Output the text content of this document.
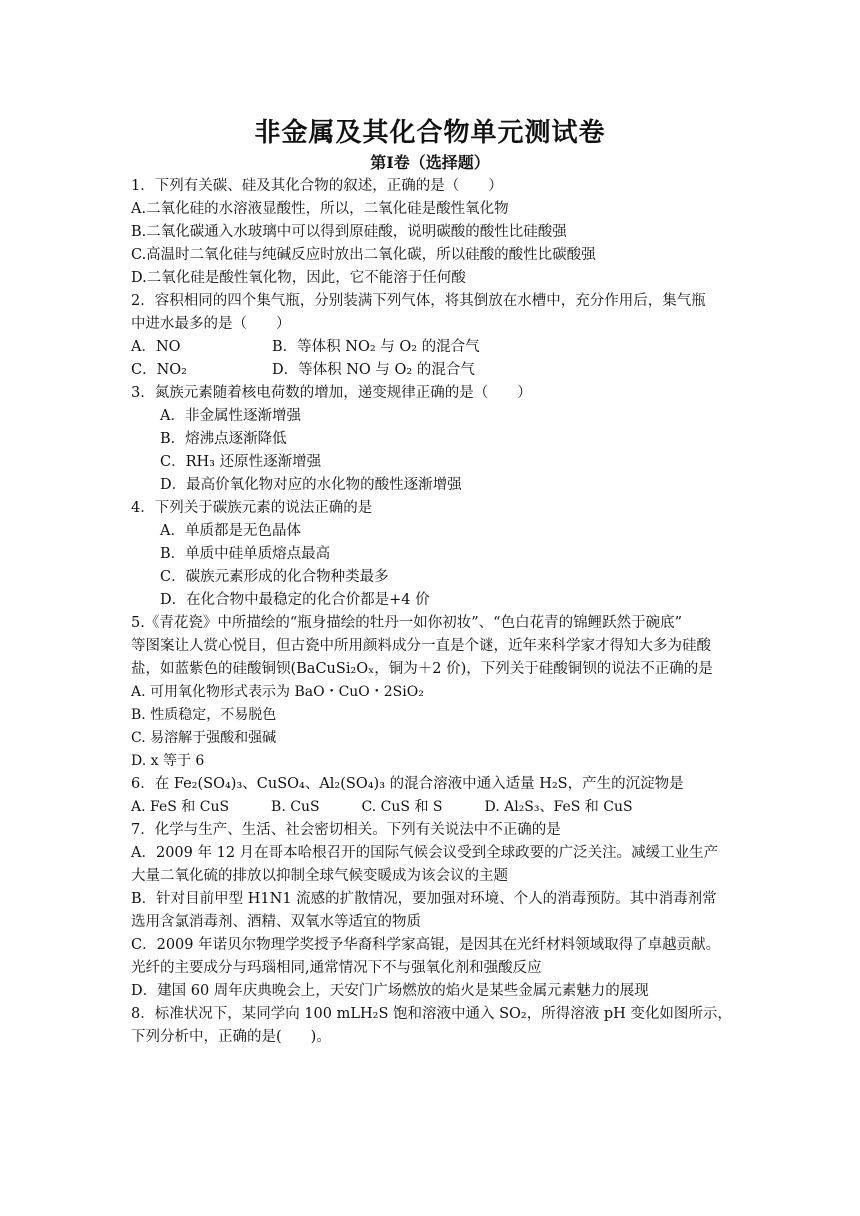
非金属及其化合物单元测试卷
第Ⅰ卷（选择题）
1．下列有关碳、硅及其化合物的叙述，正确的是（　　）
A.二氧化硅的水溶液显酸性，所以，二氧化硅是酸性氧化物
B.二氧化碳通入水玻璃中可以得到原硅酸，说明碳酸的酸性比硅酸强
C.高温时二氧化硅与纯碱反应时放出二氧化碳，所以硅酸的酸性比碳酸强
D.二氧化硅是酸性氧化物，因此，它不能溶于任何酸
2．容积相同的四个集气瓶，分别装满下列气体，将其倒放在水槽中，充分作用后，集气瓶
中进水最多的是（　　）
A．NO	B．等体积 NO₂ 与 O₂ 的混合气
C．NO₂	D．等体积 NO 与 O₂ 的混合气
3．氮族元素随着核电荷数的增加，递变规律正确的是（　　）
A．非金属性逐渐增强
B．熔沸点逐渐降低
C．RH₃ 还原性逐渐增强
D．最高价氧化物对应的水化物的酸性逐渐增强
4．下列关于碳族元素的说法正确的是
A．单质都是无色晶体
B．单质中硅单质熔点最高
C．碳族元素形成的化合物种类最多
D．在化合物中最稳定的化合价都是+4 价
5.《青花瓷》中所描绘的“瓶身描绘的牡丹一如你初妆”、“色白花青的锦鲤跃然于碗底”
等图案让人赏心悦目，但古瓷中所用颜料成分一直是个谜，近年来科学家才得知大多为硅酸
盐，如蓝紫色的硅酸铜钡(BaCuSi₂Oₓ，铜为＋2 价)，下列关于硅酸铜钡的说法不正确的是
A. 可用氧化物形式表示为 BaO・CuO・2SiO₂
B. 性质稳定，不易脱色
C. 易溶解于强酸和强碱
D. x 等于 6
6．在 Fe₂(SO₄)₃、CuSO₄、Al₂(SO₄)₃ 的混合溶液中通入适量 H₂S，产生的沉淀物是
A. FeS 和 CuS　　　B. CuS　　　C. CuS 和 S　　　D. Al₂S₃、FeS 和 CuS
7．化学与生产、生活、社会密切相关。下列有关说法中不正确的是
A．2009 年 12 月在哥本哈根召开的国际气候会议受到全球政要的广泛关注。减缓工业生产
大量二氧化硫的排放以抑制全球气候变暖成为该会议的主题
B．针对目前甲型 H1N1 流感的扩散情况，要加强对环境、个人的消毒预防。其中消毒剂常
选用含氯消毒剂、酒精、双氧水等适宜的物质
C．2009 年诺贝尔物理学奖授予华裔科学家高锟，是因其在光纤材料领域取得了卓越贡献。
光纤的主要成分与玛瑙相同,通常情况下不与强氧化剂和强酸反应
D．建国 60 周年庆典晚会上，天安门广场燃放的焰火是某些金属元素魅力的展现
8．标准状况下，某同学向 100 mLH₂S 饱和溶液中通入 SO₂，所得溶液 pH 变化如图所示，
下列分析中，正确的是(　　)。
